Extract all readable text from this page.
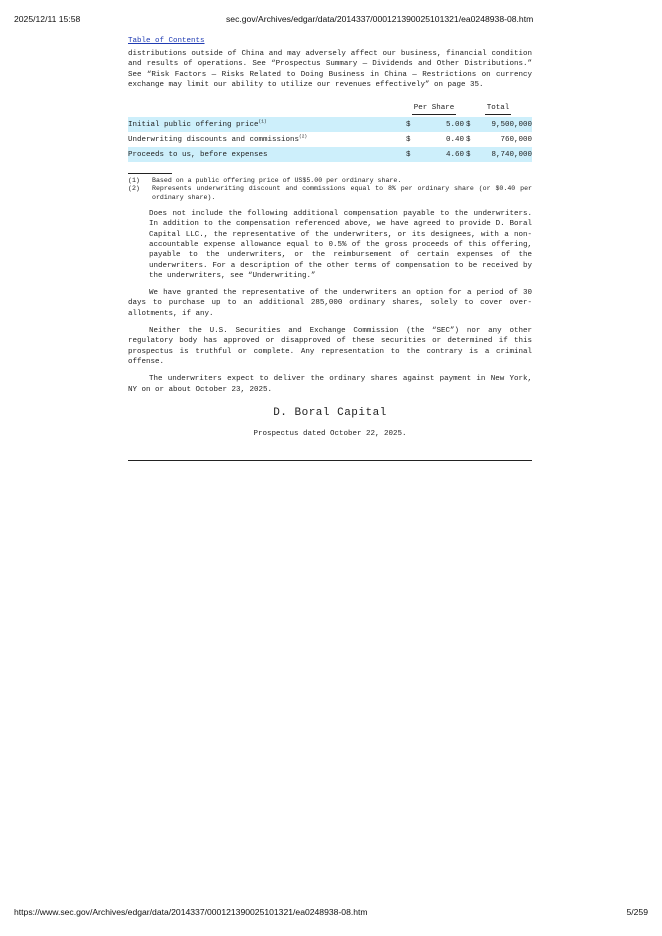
2025/12/11 15:58	sec.gov/Archives/edgar/data/2014337/000121390025101321/ea0248938-08.htm
Table of Contents

distributions outside of China and may adversely affect our business, financial condition and results of operations. See “Prospectus Summary — Dividends and Other Distributions.” See “Risk Factors — Risks Related to Doing Business in China — Restrictions on currency exchange may limit our ability to utilize our revenues effectively” on page 35.

	Per Share		Total	
Initial public offering price$^{(1)}$	$	5.00	$	9,500,000
Underwriting discounts and commissions$^{(2)}$	$	0.40	$	760,000
Proceeds to us, before expenses	$	4.60	$	8,740,000
(1)	Based on a public offering price of US$5.00 per ordinary share.
(2)	Represents underwriting discount and commissions equal to 8% per ordinary share (or $0.40 per ordinary share).

Does not include the following additional compensation payable to the underwriters. In addition to the compensation referenced above, we have agreed to provide D. Boral Capital LLC., the representative of the underwriters, or its designees, with a non-accountable expense allowance equal to 0.5% of the gross proceeds of this offering, payable to the underwriters, or the reimbursement of certain expenses of the underwriters. For a description of the other terms of compensation to be received by the underwriters, see “Underwriting.”

We have granted the representative of the underwriters an option for a period of 30 days to purchase up to an additional 285,000 ordinary shares, solely to cover over-allotments, if any.

Neither the U.S. Securities and Exchange Commission (the “SEC”) nor any other regulatory body has approved or disapproved of these securities or determined if this prospectus is truthful or complete. Any representation to the contrary is a criminal offense.

The underwriters expect to deliver the ordinary shares against payment in New York, NY on or about October 23, 2025.

D. Boral Capital
Prospectus dated October 22, 2025.
https://www.sec.gov/Archives/edgar/data/2014337/000121390025101321/ea0248938-08.htm	5/259
